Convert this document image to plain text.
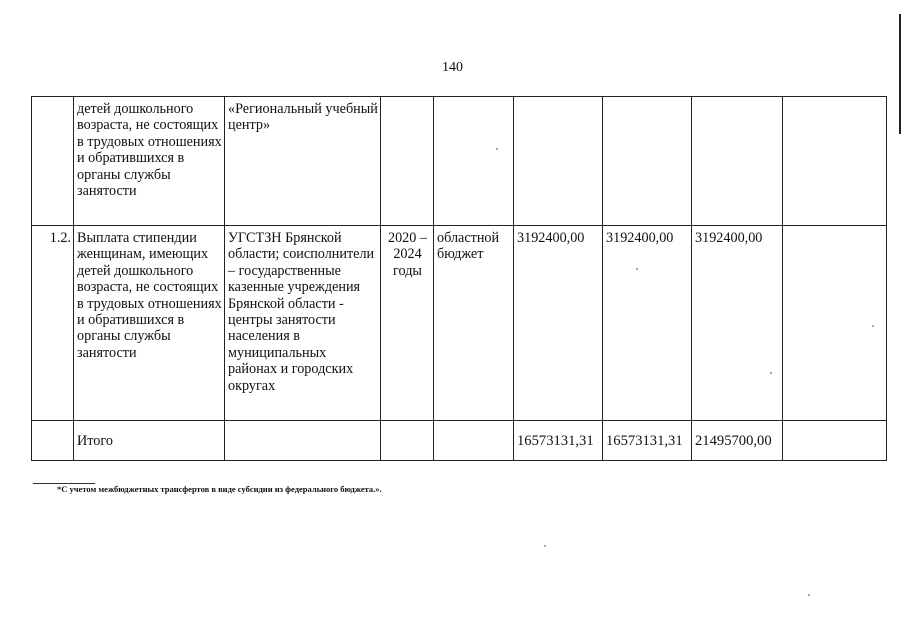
140
	детей дошкольного возраста, не состоящих в трудовых отношениях и обратившихся в органы службы занятости	«Региональный учебный центр»						
1.2.	Выплата стипендии женщинам, имеющих детей дошкольного возраста, не состоящих в трудовых отношениях и обратившихся в органы службы занятости	УГСТЗН Брянской области; соисполнители – государственные казенные учреждения Брянской области - центры занятости населения в муниципальных районах и городских округах	2020 – 2024 годы	областной бюджет	3192400,00	3192400,00	3192400,00	
	Итого				16573131,31	16573131,31	21495700,00	
*С учетом межбюджетных трансфертов в виде субсидии из федерального бюджета.».
